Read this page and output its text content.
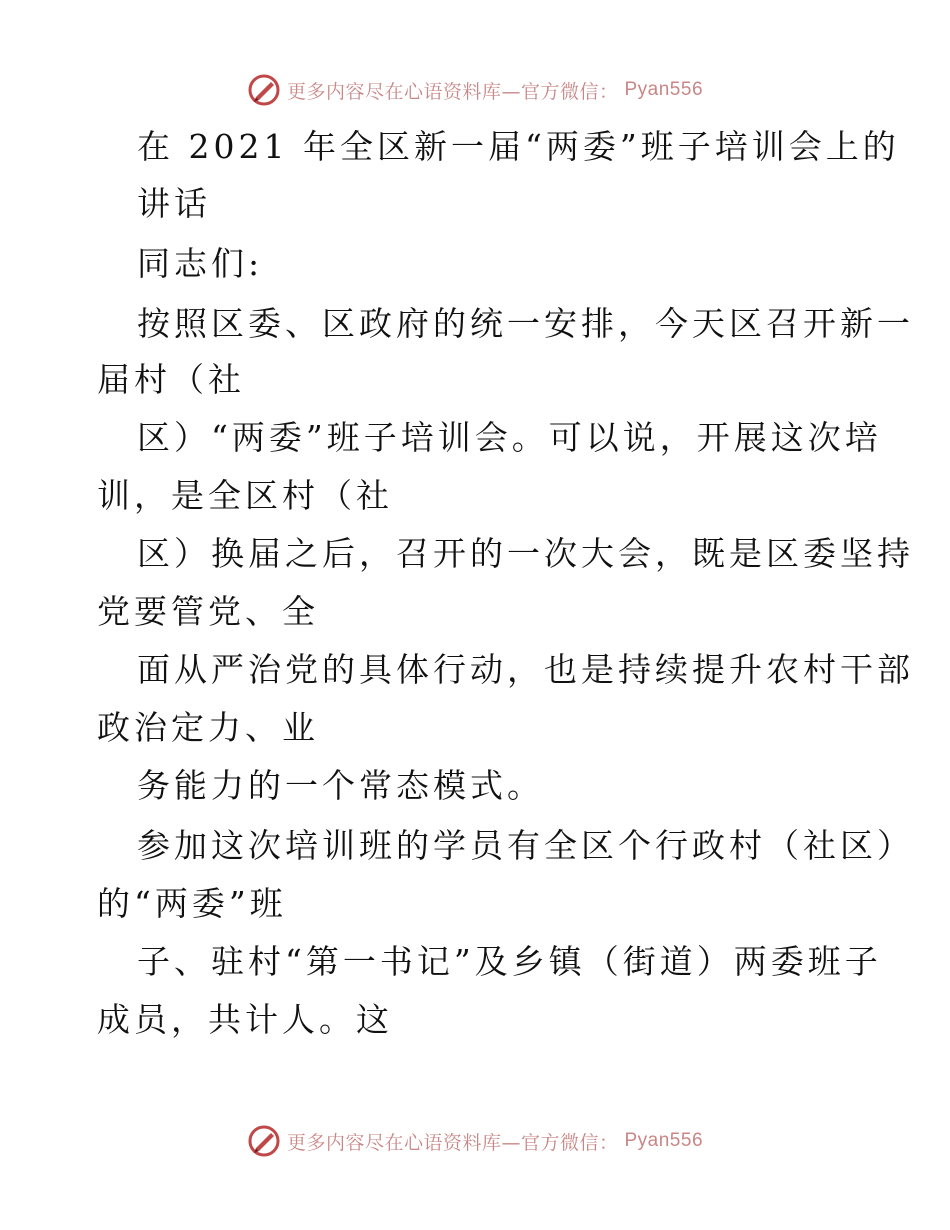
更多内容尽在心语资料库—官方微信： Pyan556
在 2021 年全区新一届“两委”班子培训会上的
讲话
同志们:
按照区委、区政府的统一安排，今天区召开新一
届村（社
区）“两委”班子培训会。可以说，开展这次培
训，是全区村（社
区）换届之后，召开的一次大会，既是区委坚持
党要管党、全
面从严治党的具体行动，也是持续提升农村干部
政治定力、业
务能力的一个常态模式。
参加这次培训班的学员有全区个行政村（社区）
的“两委”班
子、驻村“第一书记”及乡镇（街道）两委班子
成员，共计人。这
更多内容尽在心语资料库—官方微信： Pyan556
